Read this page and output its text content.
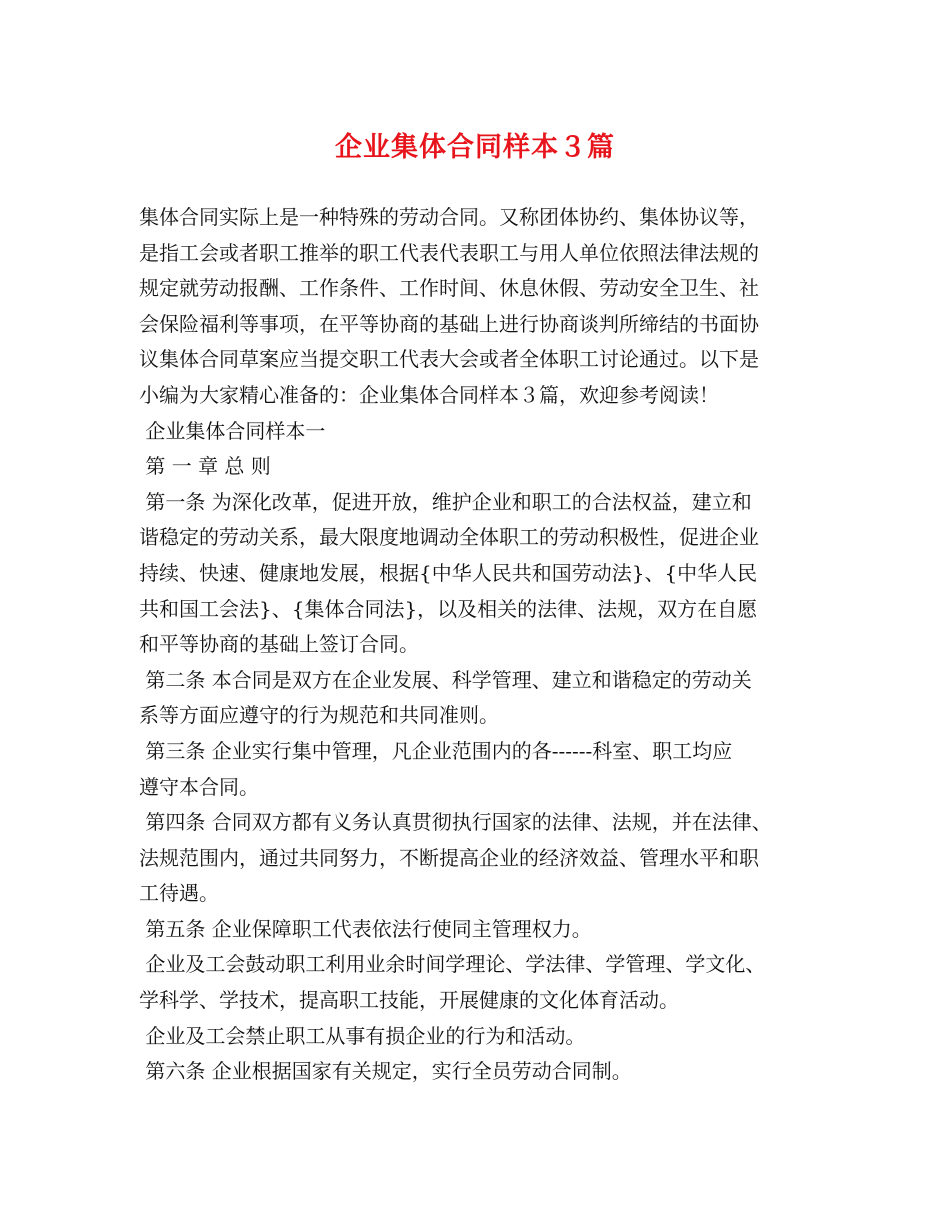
企业集体合同样本３篇
集体合同实际上是一种特殊的劳动合同。又称团体协约、集体协议等，
是指工会或者职工推举的职工代表代表职工与用人单位依照法律法规的
规定就劳动报酬、工作条件、工作时间、休息休假、劳动安全卫生、社
会保险福利等事项，在平等协商的基础上进行协商谈判所缔结的书面协
议集体合同草案应当提交职工代表大会或者全体职工讨论通过。以下是
小编为大家精心准备的：企业集体合同样本３篇，欢迎参考阅读！
企业集体合同样本一
第 一 章 总 则
第一条 为深化改革，促进开放，维护企业和职工的合法权益，建立和
谐稳定的劳动关系，最大限度地调动全体职工的劳动积极性，促进企业
持续、快速、健康地发展，根据{中华人民共和国劳动法}、{中华人民
共和国工会法}、{集体合同法}，以及相关的法律、法规，双方在自愿
和平等协商的基础上签订合同。
第二条 本合同是双方在企业发展、科学管理、建立和谐稳定的劳动关
系等方面应遵守的行为规范和共同准则。
第三条 企业实行集中管理，凡企业范围内的各------科室、职工均应
遵守本合同。
第四条 合同双方都有义务认真贯彻执行国家的法律、法规，并在法律、
法规范围内，通过共同努力，不断提高企业的经济效益、管理水平和职
工待遇。
第五条 企业保障职工代表依法行使同主管理权力。
企业及工会鼓动职工利用业余时间学理论、学法律、学管理、学文化、
学科学、学技术，提高职工技能，开展健康的文化体育活动。
企业及工会禁止职工从事有损企业的行为和活动。
第六条 企业根据国家有关规定，实行全员劳动合同制。
